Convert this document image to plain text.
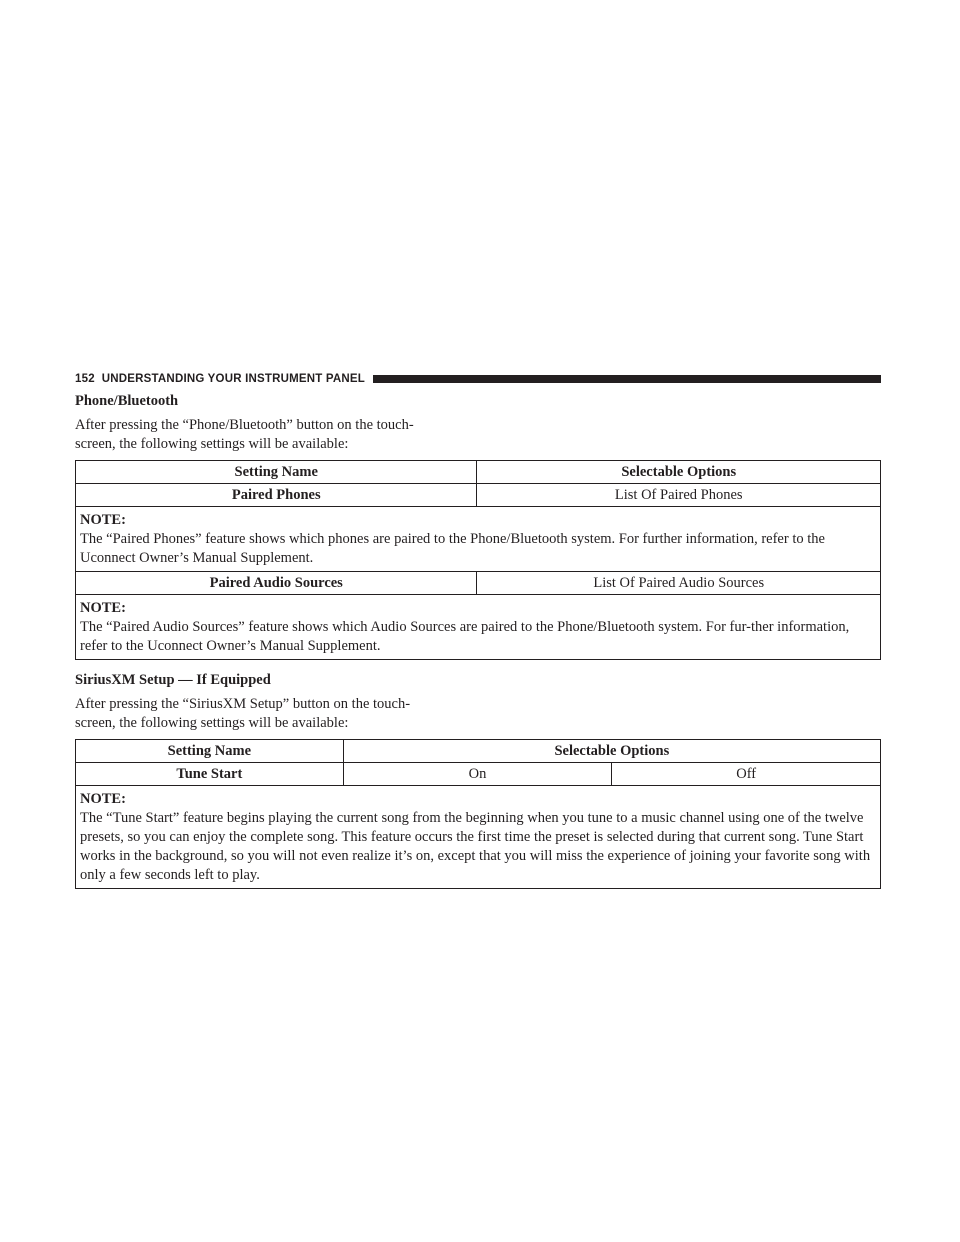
152 UNDERSTANDING YOUR INSTRUMENT PANEL
Phone/Bluetooth

After pressing the “Phone/Bluetooth” button on the touch-
screen, the following settings will be available:

Setting Name	Selectable Options
Paired Phones	List Of Paired Phones

NOTE:
The “Paired Phones” feature shows which phones are paired to the Phone/Bluetooth system. For further information, refer to the Uconnect Owner’s Manual Supplement.	
Paired Audio Sources	List Of Paired Audio Sources

NOTE:
The “Paired Audio Sources” feature shows which Audio Sources are paired to the Phone/Bluetooth system. For fur-ther information, refer to the Uconnect Owner’s Manual Supplement.	
SiriusXM Setup — If Equipped

After pressing the “SiriusXM Setup” button on the touch-
screen, the following settings will be available:

Setting Name	Selectable Options	
Tune Start	On	Off

NOTE:
The “Tune Start” feature begins playing the current song from the beginning when you tune to a music channel using one of the twelve presets, so you can enjoy the complete song. This feature occurs the first time the preset is selected during that current song. Tune Start works in the background, so you will not even realize it’s on, except that you will miss the experience of joining your favorite song with only a few seconds left to play.		
